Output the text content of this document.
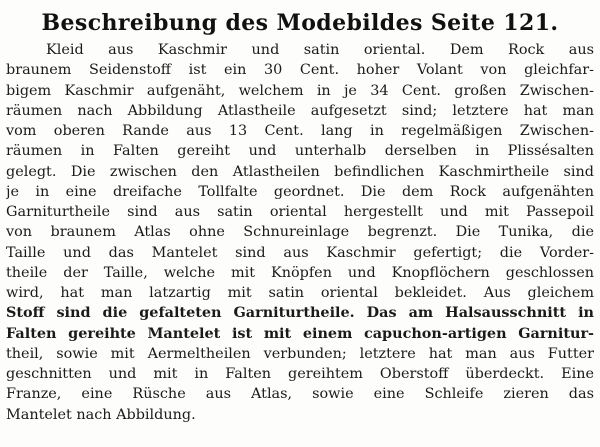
Beschreibung des Modebildes Seite 121.
Kleid aus Kaschmir und satin oriental. Dem Rock aus
braunem Seidenstoff ist ein 30 Cent. hoher Volant von gleichfar-
bigem Kaschmir aufgenäht, welchem in je 34 Cent. großen Zwischen-
räumen nach Abbildung Atlastheile aufgesetzt sind; letztere hat man
vom oberen Rande aus 13 Cent. lang in regelmäßigen Zwischen-
räumen in Falten gereiht und unterhalb derselben in Plissésalten
gelegt. Die zwischen den Atlastheilen befindlichen Kaschmirtheile sind
je in eine dreifache Tollfalte geordnet. Die dem Rock aufgenähten
Garniturtheile sind aus satin oriental hergestellt und mit Passepoil
von braunem Atlas ohne Schnureinlage begrenzt. Die Tunika, die
Taille und das Mantelet sind aus Kaschmir gefertigt; die Vorder-
theile der Taille, welche mit Knöpfen und Knopflöchern geschlossen
wird, hat man latzartig mit satin oriental bekleidet. Aus gleichem
Stoff sind die gefalteten Garniturtheile. Das am Halsausschnitt in
Falten gereihte Mantelet ist mit einem capuchon-artigen Garnitur-
theil, sowie mit Aermeltheilen verbunden; letztere hat man aus Futter
geschnitten und mit in Falten gereihtem Oberstoff überdeckt. Eine
Franze, eine Rüsche aus Atlas, sowie eine Schleife zieren das
Mantelet nach Abbildung.
